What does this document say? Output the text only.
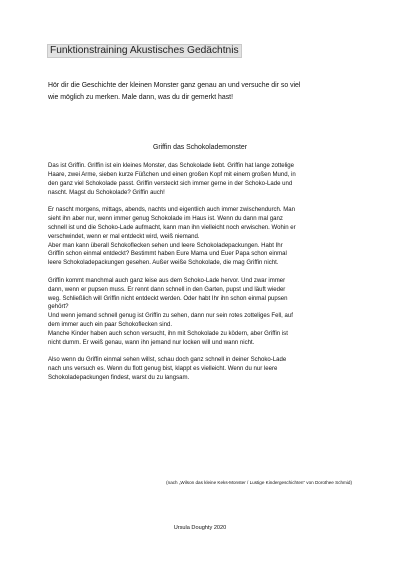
Funktionstraining Akustisches Gedächtnis
Hör dir die Geschichte der kleinen Monster ganz genau an und versuche dir so viel
wie möglich zu merken. Male dann, was du dir gemerkt hast!
Griffin das Schokolademonster

Das ist Griffin. Griffin ist ein kleines Monster, das Schokolade liebt. Griffin hat lange zottelige
Haare, zwei Arme, sieben kurze Füßchen und einen großen Kopf mit einem großen Mund, in
den ganz viel Schokolade passt. Griffin versteckt sich immer gerne in der Schoko-Lade und
nascht. Magst du Schokolade? Griffin auch!

Er nascht morgens, mittags, abends, nachts und eigentlich auch immer zwischendurch. Man
sieht ihn aber nur, wenn immer genug Schokolade im Haus ist. Wenn du dann mal ganz
schnell ist und die Schoko-Lade aufmacht, kann man ihn vielleicht noch erwischen. Wohin er
verschwindet, wenn er mal entdeckt wird, weiß niemand.
Aber man kann überall Schokoflecken sehen und leere Schokoladepackungen. Habt Ihr
Griffin schon einmal entdeckt? Bestimmt haben Eure Mama und Euer Papa schon einmal
leere Schokoladepackungen gesehen. Außer weiße Schokolade, die mag Griffin nicht.

Griffin kommt manchmal auch ganz leise aus dem Schoko-Lade hervor. Und zwar immer
dann, wenn er pupsen muss. Er rennt dann schnell in den Garten, pupst und läuft wieder
weg. Schließlich will Griffin nicht entdeckt werden. Oder habt Ihr ihn schon einmal pupsen
gehört?
Und wenn jemand schnell genug ist Griffin zu sehen, dann nur sein rotes zotteliges Fell, auf
dem immer auch ein paar Schokoflecken sind.
Manche Kinder haben auch schon versucht, ihn mit Schokolade zu ködern, aber Griffin ist
nicht dumm. Er weiß genau, wann ihn jemand nur locken will und wann nicht.

Also wenn du Griffin einmal sehen willst, schau doch ganz schnell in deiner Schoko-Lade
nach uns versuch es. Wenn du flott genug bist, klappt es vielleicht. Wenn du nur leere
Schokoladepackungen findest, warst du zu langsam.

(nach „Wilson das kleine Keks-Monster / Lustige Kindergeschichten“ von Dorothee Schmid)
Ursula Doughty 2020
